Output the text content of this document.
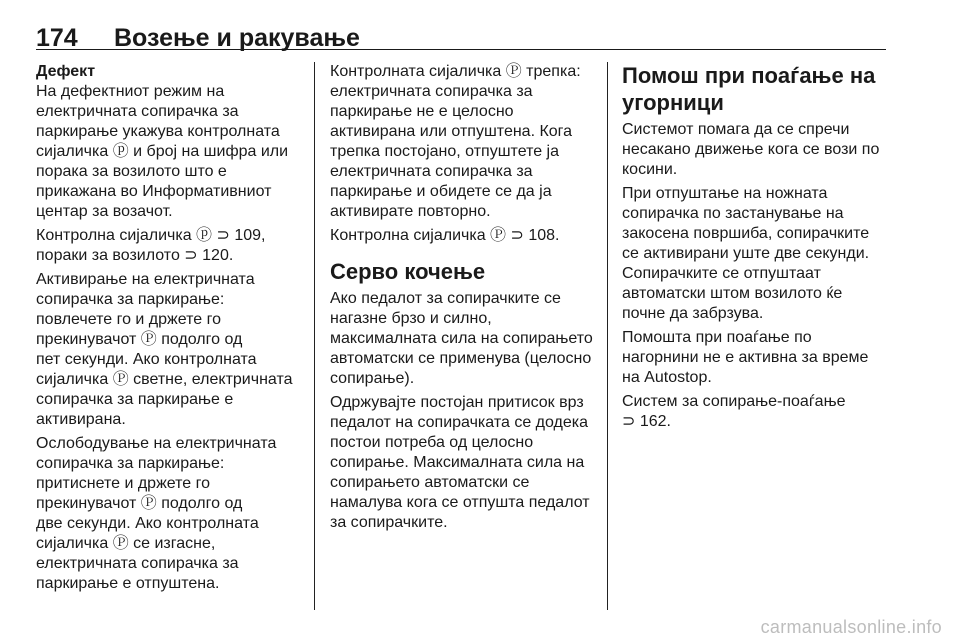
174 Возење и ракување

Дефект

На дефектниот режим на
електричната сопирачка за
паркирање укажува контролната
сијаличка ⓟ и број на шифра или
порака за возилото што е
прикажана во Информативниот
центар за возачот.

Контролна сијаличка ⓟ ⊃ 109,
пораки за возилото ⊃ 120.

Активирање на електричната
сопирачка за паркирање:
повлечете го и држете го
прекинувачот Ⓟ подолго од
пет секунди. Ако контролната
сијаличка Ⓟ светне, електричната
сопирачка за паркирање е
активирана.

Ослободување на електричната
сопирачка за паркирање:
притиснете и држете го
прекинувачот Ⓟ подолго од
две секунди. Ако контролната
сијаличка Ⓟ се изгасне,
електричната сопирачка за
паркирање е отпуштена.

Контролната сијаличка Ⓟ трепка:
електричната сопирачка за
паркирање не е целосно
активирана или отпуштена. Кога
трепка постојано, отпуштете ја
електричната сопирачка за
паркирање и обидете се да ја
активирате повторно.

Контролна сијаличка Ⓟ ⊃ 108.

Серво кочење

Ако педалот за сопирачките се
нагазне брзо и силно,
максималната сила на сопирањето
автоматски се применува (целосно
сопирање).

Одржувајте постојан притисок врз
педалот на сопирачката се додека
постои потреба од целосно
сопирање. Максималната сила на
сопирањето автоматски се
намалува кога се отпушта педалот
за сопирачките.

Помош при поаѓање на
угорници

Системот помага да се спречи
несакано движење кога се вози по
косини.

При отпуштање на ножната
сопирачка по застанување на
закосена површиба, сопирачките
се активирани уште две секунди.
Сопирачките се отпуштаат
автоматски штом возилото ќе
почне да забрзува.

Помошта при поаѓање по
нагорнини не е активна за време
на Autostop.

Систем за сопирање-поаѓање
⊃ 162.

carmanualsonline.info
